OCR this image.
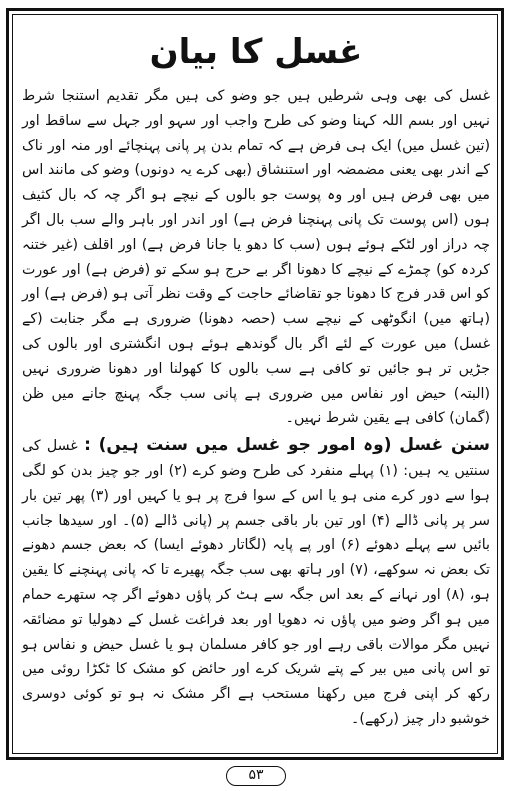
غسل کا بیان

غسل کی بھی وہی شرطیں ہیں جو وضو کی ہیں مگر تقدیم استنجا شرط نہیں اور بسم اللہ کہنا وضو کی طرح واجب اور سہو اور جہل سے ساقط اور (تین غسل میں) ایک ہی فرض ہے کہ تمام بدن پر پانی پہنچائے اور منہ اور ناک کے اندر بھی یعنی مضمضہ اور استنشاق (بھی کرے یہ دونوں) وضو کی مانند اس میں بھی فرض ہیں اور وہ پوست جو بالوں کے نیچے ہو اگر چہ کہ بال کثیف ہوں (اس پوست تک پانی پہنچنا فرض ہے) اور اندر اور باہر والے سب بال اگر چہ دراز اور لٹکے ہوئے ہوں (سب کا دھو یا جانا فرض ہے) اور اقلف (غیر ختنہ کردہ کو) چمڑے کے نیچے کا دھونا اگر بے حرج ہو سکے تو (فرض ہے) اور عورت کو اس قدر فرج کا دھونا جو تقاضائے حاجت کے وقت نظر آتی ہو (فرض ہے) اور (ہاتھ میں) انگوٹھی کے نیچے سب (حصہ دھونا) ضروری ہے مگر جنابت (کے غسل) میں عورت کے لئے اگر بال گوندھے ہوئے ہوں انگشتری اور بالوں کی جڑیں تر ہو جائیں تو کافی ہے سب بالوں کا کھولنا اور دھونا ضروری نہیں (البتہ) حیض اور نفاس میں ضروری ہے پانی سب جگہ پہنچ جانے میں ظن (گمان) کافی ہے یقین شرط نہیں۔

سنن غسل (وہ امور جو غسل میں سنت ہیں) : غسل کی سنتیں یہ ہیں: (۱) پہلے منفرد کی طرح وضو کرے (۲) اور جو چیز بدن کو لگی ہوا سے دور کرے منی ہو یا اس کے سوا فرج پر ہو یا کہیں اور (۳) پھر تین بار سر پر پانی ڈالے (۴) اور تین بار باقی جسم پر (پانی ڈالے (۵)۔ اور سیدھا جانب بائیں سے پہلے دھوئے (۶) اور پے پایہ (لگاتار دھوئے ایسا) کہ بعض جسم دھونے تک بعض نہ سوکھے، (۷) اور ہاتھ بھی سب جگہ پھیرے تا کہ پانی پہنچنے کا یقین ہو، (۸) اور نہانے کے بعد اس جگہ سے ہٹ کر پاؤں دھوئے اگر چہ ستھرے حمام میں ہو اگر وضو میں پاؤں نہ دھویا اور بعد فراغت غسل کے دھولیا تو مضائقہ نہیں مگر موالات باقی رہے اور جو کافر مسلمان ہو یا غسل حیض و نفاس ہو تو اس پانی میں بیر کے پتے شریک کرے اور حائض کو مشک کا ٹکڑا روئی میں رکھ کر اپنی فرج میں رکھنا مستحب ہے اگر مشک نہ ہو تو کوئی دوسری خوشبو دار چیز (رکھے)۔

۵۳
